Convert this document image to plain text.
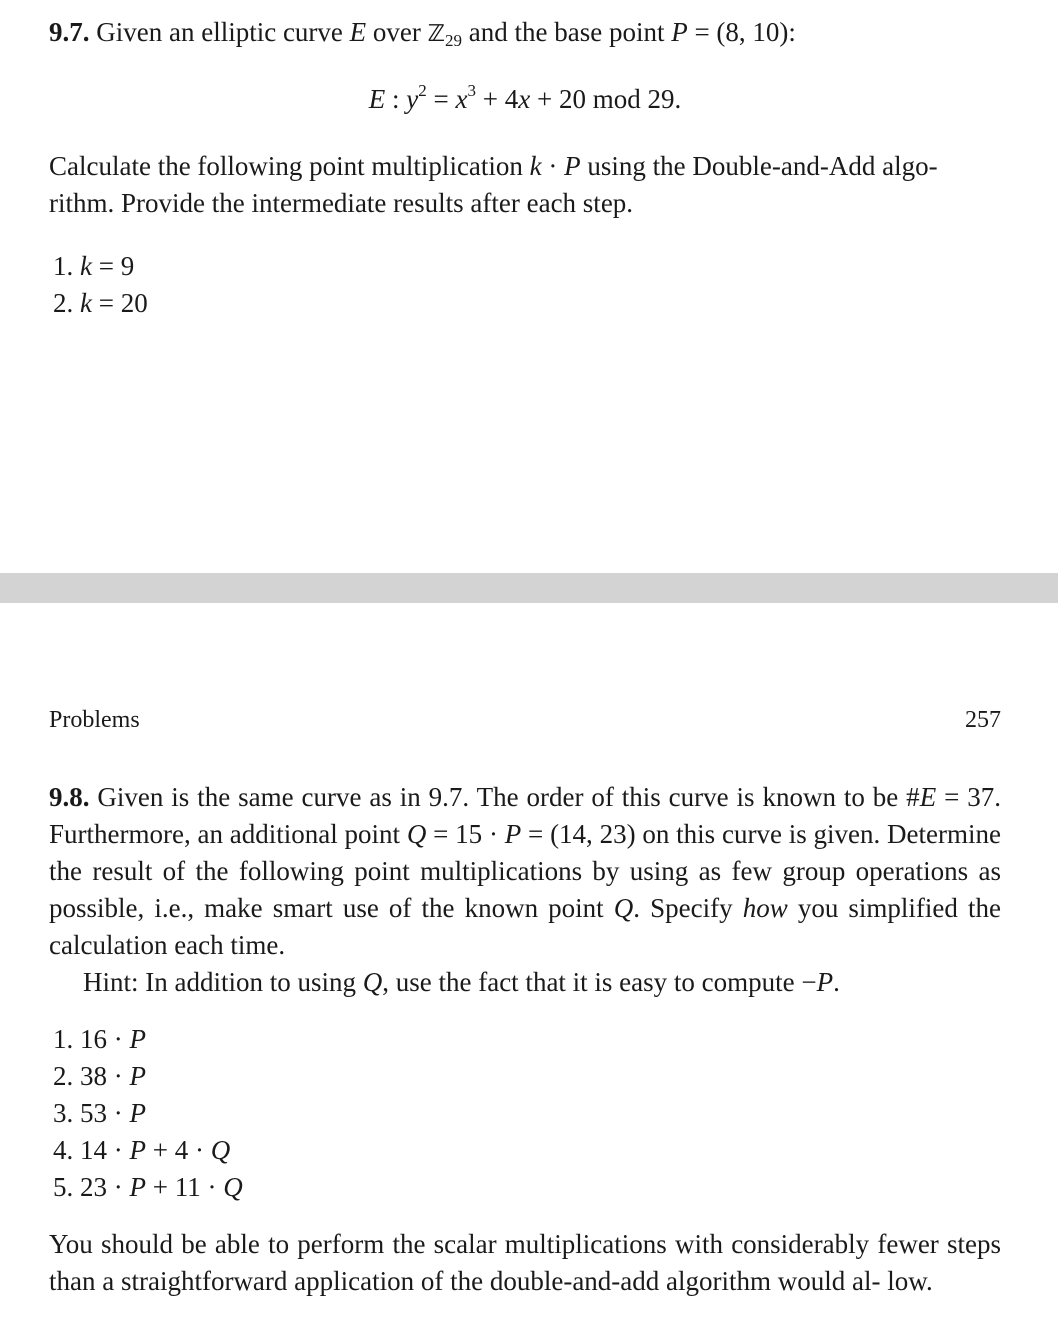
9.7. Given an elliptic curve E over ℤ$_{29}$ and the base point P = (8, 10):

E : $y^2 = x^3 + 4x + 20$ mod 29.

Calculate the following point multiplication k · P using the Double-and-Add algo-
rithm. Provide the intermediate results after each step.

1. k = 9
2. k = 20
Problems	257

9.8. Given is the same curve as in 9.7. The order of this curve is known to be #E = 37. Furthermore, an additional point Q = 15 · P = (14, 23) on this curve is given. Determine the result of the following point multiplications by using as few group operations as possible, i.e., make smart use of the known point Q. Specify how you simplified the calculation each time.

Hint: In addition to using Q, use the fact that it is easy to compute −P.

1. 16 · P
2. 38 · P
3. 53 · P
4. 14 · P + 4 · Q
5. 23 · P + 11 · Q

You should be able to perform the scalar multiplications with considerably fewer steps than a straightforward application of the double-and-add algorithm would al- low.
